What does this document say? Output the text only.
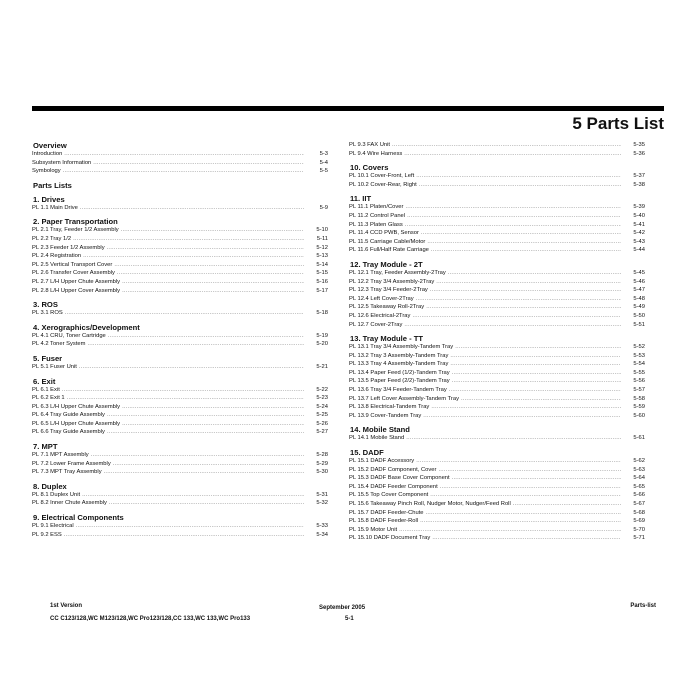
5 Parts List
Overview
Introduction .....	5-3
Subsystem Information .....	5-4
Symbology .....	5-5
Parts Lists
1. Drives
PL 1.1 Main Drive .....	5-9
2. Paper Transportation
PL 2.1 Tray, Feeder 1/2 Assembly .....	5-10
PL 2.2 Tray 1/2 .....	5-11
PL 2.3 Feeder 1/2 Assembly .....	5-12
PL 2.4 Registration .....	5-13
PL 2.5 Vertical Transport Cover .....	5-14
PL 2.6 Transfer Cover Assembly .....	5-15
PL 2.7 L/H Upper Chute Assembly .....	5-16
PL 2.8 L/H Upper Cover Assembly .....	5-17
3. ROS
PL 3.1 ROS .....	5-18
4. Xerographics/Development
PL 4.1 CRU, Toner Cartridge .....	5-19
PL 4.2 Toner System .....	5-20
5. Fuser
PL 5.1 Fuser Unit .....	5-21
6. Exit
PL 6.1 Exit .....	5-22
PL 6.2 Exit 1 .....	5-23
PL 6.3 L/H Upper Chute Assembly .....	5-24
PL 6.4 Tray Guide Assembly .....	5-25
PL 6.5 L/H Upper Chute Assembly .....	5-26
PL 6.6 Tray Guide Assembly .....	5-27
7. MPT
PL 7.1 MPT Assembly .....	5-28
PL 7.2 Lower Frame Assembly .....	5-29
PL 7.3 MPT Tray Assembly .....	5-30
8. Duplex
PL 8.1 Duplex Unit .....	5-31
PL 8.2 Inner Chute Assembly .....	5-32
9. Electrical Components
PL 9.1 Electrical .....	5-33
PL 9.2 ESS .....	5-34
PL 9.3 FAX Unit .....	5-35
PL 9.4 Wire Harness .....	5-36
10. Covers
PL 10.1 Cover-Front, Left .....	5-37
PL 10.2 Cover-Rear, Right .....	5-38
11. IIT
PL 11.1 Platen/Cover .....	5-39
PL 11.2 Control Panel .....	5-40
PL 11.3 Platen Glass .....	5-41
PL 11.4 CCD PWB, Sensor .....	5-42
PL 11.5 Carriage Cable/Motor .....	5-43
PL 11.6 Full/Half Rate Carriage .....	5-44
12. Tray Module - 2T
PL 12.1 Tray, Feeder Assembly-2Tray .....	5-45
PL 12.2 Tray 3/4 Assembly-2Tray .....	5-46
PL 12.3 Tray 3/4 Feeder-2Tray .....	5-47
PL 12.4 Left Cover-2Tray .....	5-48
PL 12.5 Takeaway Roll-2Tray .....	5-49
PL 12.6 Electrical-2Tray .....	5-50
PL 12.7 Cover-2Tray .....	5-51
13. Tray Module - TT
PL 13.1 Tray 3/4 Assembly-Tandem Tray .....	5-52
PL 13.2 Tray 3 Assembly-Tandem Tray .....	5-53
PL 13.3 Tray 4 Assembly-Tandem Tray .....	5-54
PL 13.4 Paper Feed (1/2)-Tandem Tray .....	5-55
PL 13.5 Paper Feed (2/2)-Tandem Tray .....	5-56
PL 13.6 Tray 3/4 Feeder-Tandem Tray .....	5-57
PL 13.7 Left Cover Assembly-Tandem Tray .....	5-58
PL 13.8 Electrical-Tandem Tray .....	5-59
PL 13.9 Cover-Tandem Tray .....	5-60
14. Mobile Stand
PL 14.1 Mobile Stand .....	5-61
15. DADF
PL 15.1 DADF Accessory .....	5-62
PL 15.2 DADF Component, Cover .....	5-63
PL 15.3 DADF Base Cover Component .....	5-64
PL 15.4 DADF Feeder Component .....	5-65
PL 15.5 Top Cover Component .....	5-66
PL 15.6 Takeaway Pinch Roll, Nudger Motor, Nudger/Feed Roll .....	5-67
PL 15.7 DADF Feeder-Chute .....	5-68
PL 15.8 DADF Feeder-Roll .....	5-69
PL 15.9 Motor Unit .....	5-70
PL 15.10 DADF Document Tray .....	5-71
1st Version
CC C123/128,WC M123/128,WC Pro123/128,CC 133,WC 133,WC Pro133
September 2005
5-1
Parts-list
